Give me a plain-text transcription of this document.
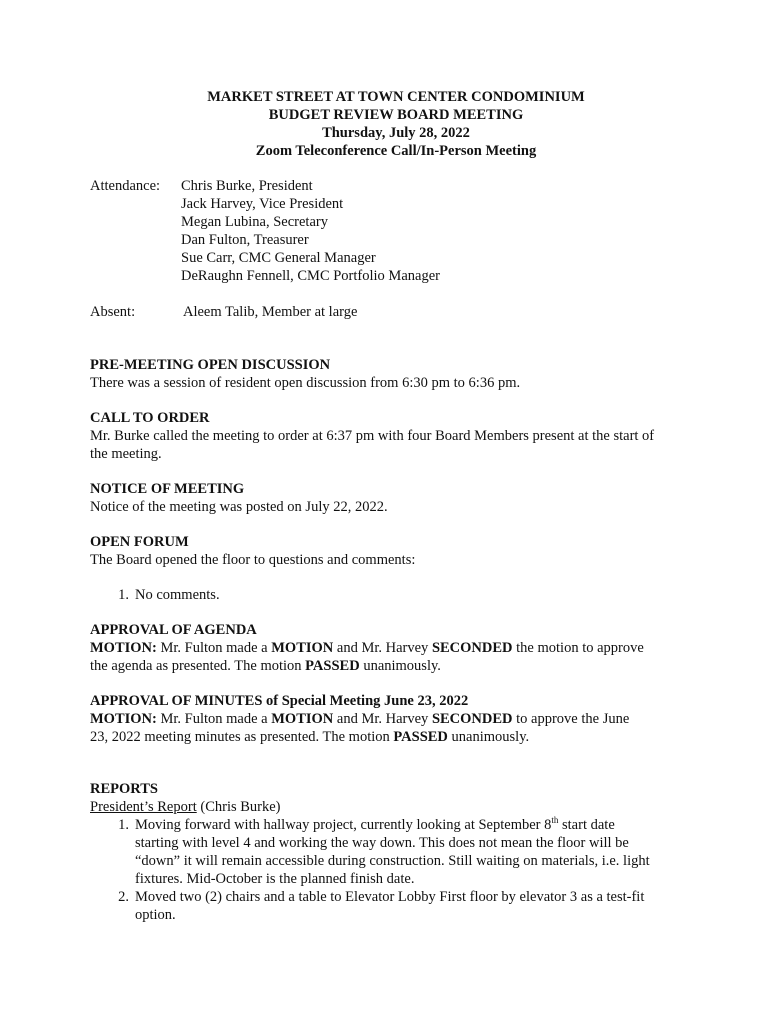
MARKET STREET AT TOWN CENTER CONDOMINIUM
BUDGET REVIEW BOARD MEETING
Thursday, July 28, 2022
Zoom Teleconference Call/In-Person Meeting
Attendance:	Chris Burke, President
Jack Harvey, Vice President
Megan Lubina, Secretary
Dan Fulton, Treasurer
Sue Carr, CMC General Manager
DeRaughn Fennell, CMC Portfolio Manager
Absent:	Aleem Talib, Member at large
PRE-MEETING OPEN DISCUSSION
There was a session of resident open discussion from 6:30 pm to 6:36 pm.
CALL TO ORDER
Mr. Burke called the meeting to order at 6:37 pm with four Board Members present at the start of
the meeting.
NOTICE OF MEETING
Notice of the meeting was posted on July 22, 2022.
OPEN FORUM
The Board opened the floor to questions and comments:
1. No comments.
APPROVAL OF AGENDA
MOTION: Mr. Fulton made a MOTION and Mr. Harvey SECONDED the motion to approve
the agenda as presented. The motion PASSED unanimously.
APPROVAL OF MINUTES of Special Meeting June 23, 2022
MOTION: Mr. Fulton made a MOTION and Mr. Harvey SECONDED to approve the June
23, 2022 meeting minutes as presented. The motion PASSED unanimously.
REPORTS
President’s Report (Chris Burke)
1. Moving forward with hallway project, currently looking at September 8th start date
starting with level 4 and working the way down. This does not mean the floor will be
“down” it will remain accessible during construction. Still waiting on materials, i.e. light
fixtures. Mid-October is the planned finish date.
2. Moved two (2) chairs and a table to Elevator Lobby First floor by elevator 3 as a test-fit
option.
